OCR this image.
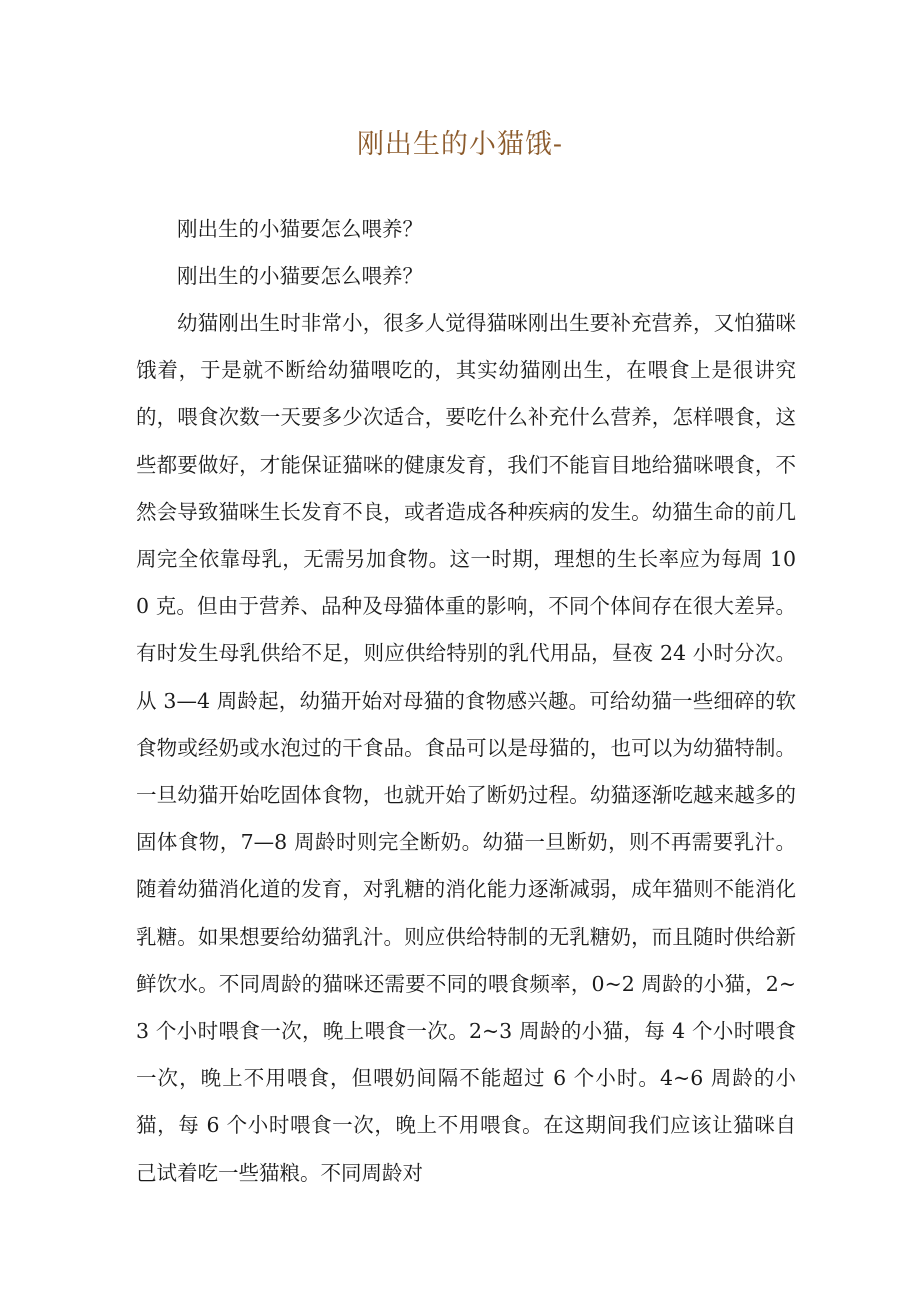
刚出生的小猫饿-

刚出生的小猫要怎么喂养？

刚出生的小猫要怎么喂养？

幼猫刚出生时非常小，很多人觉得猫咪刚出生要补充营养，又怕猫咪饿着，于是就不断给幼猫喂吃的，其实幼猫刚出生，在喂食上是很讲究的，喂食次数一天要多少次适合，要吃什么补充什么营养，怎样喂食，这些都要做好，才能保证猫咪的健康发育，我们不能盲目地给猫咪喂食，不然会导致猫咪生长发育不良，或者造成各种疾病的发生。幼猫生命的前几周完全依靠母乳，无需另加食物。这一时期，理想的生长率应为每周 100 克。但由于营养、品种及母猫体重的影响，不同个体间存在很大差异。有时发生母乳供给不足，则应供给特别的乳代用品，昼夜 24 小时分次。从 3—4 周龄起，幼猫开始对母猫的食物感兴趣。可给幼猫一些细碎的软食物或经奶或水泡过的干食品。食品可以是母猫的，也可以为幼猫特制。一旦幼猫开始吃固体食物，也就开始了断奶过程。幼猫逐渐吃越来越多的固体食物，7—8 周龄时则完全断奶。幼猫一旦断奶，则不再需要乳汁。随着幼猫消化道的发育，对乳糖的消化能力逐渐减弱，成年猫则不能消化乳糖。如果想要给幼猫乳汁。则应供给特制的无乳糖奶，而且随时供给新鲜饮水。不同周龄的猫咪还需要不同的喂食频率，0~2 周龄的小猫，2~3 个小时喂食一次，晚上喂食一次。2~3 周龄的小猫，每 4 个小时喂食一次，晚上不用喂食，但喂奶间隔不能超过 6 个小时。4~6 周龄的小猫，每 6 个小时喂食一次，晚上不用喂食。在这期间我们应该让猫咪自己试着吃一些猫粮。不同周龄对
